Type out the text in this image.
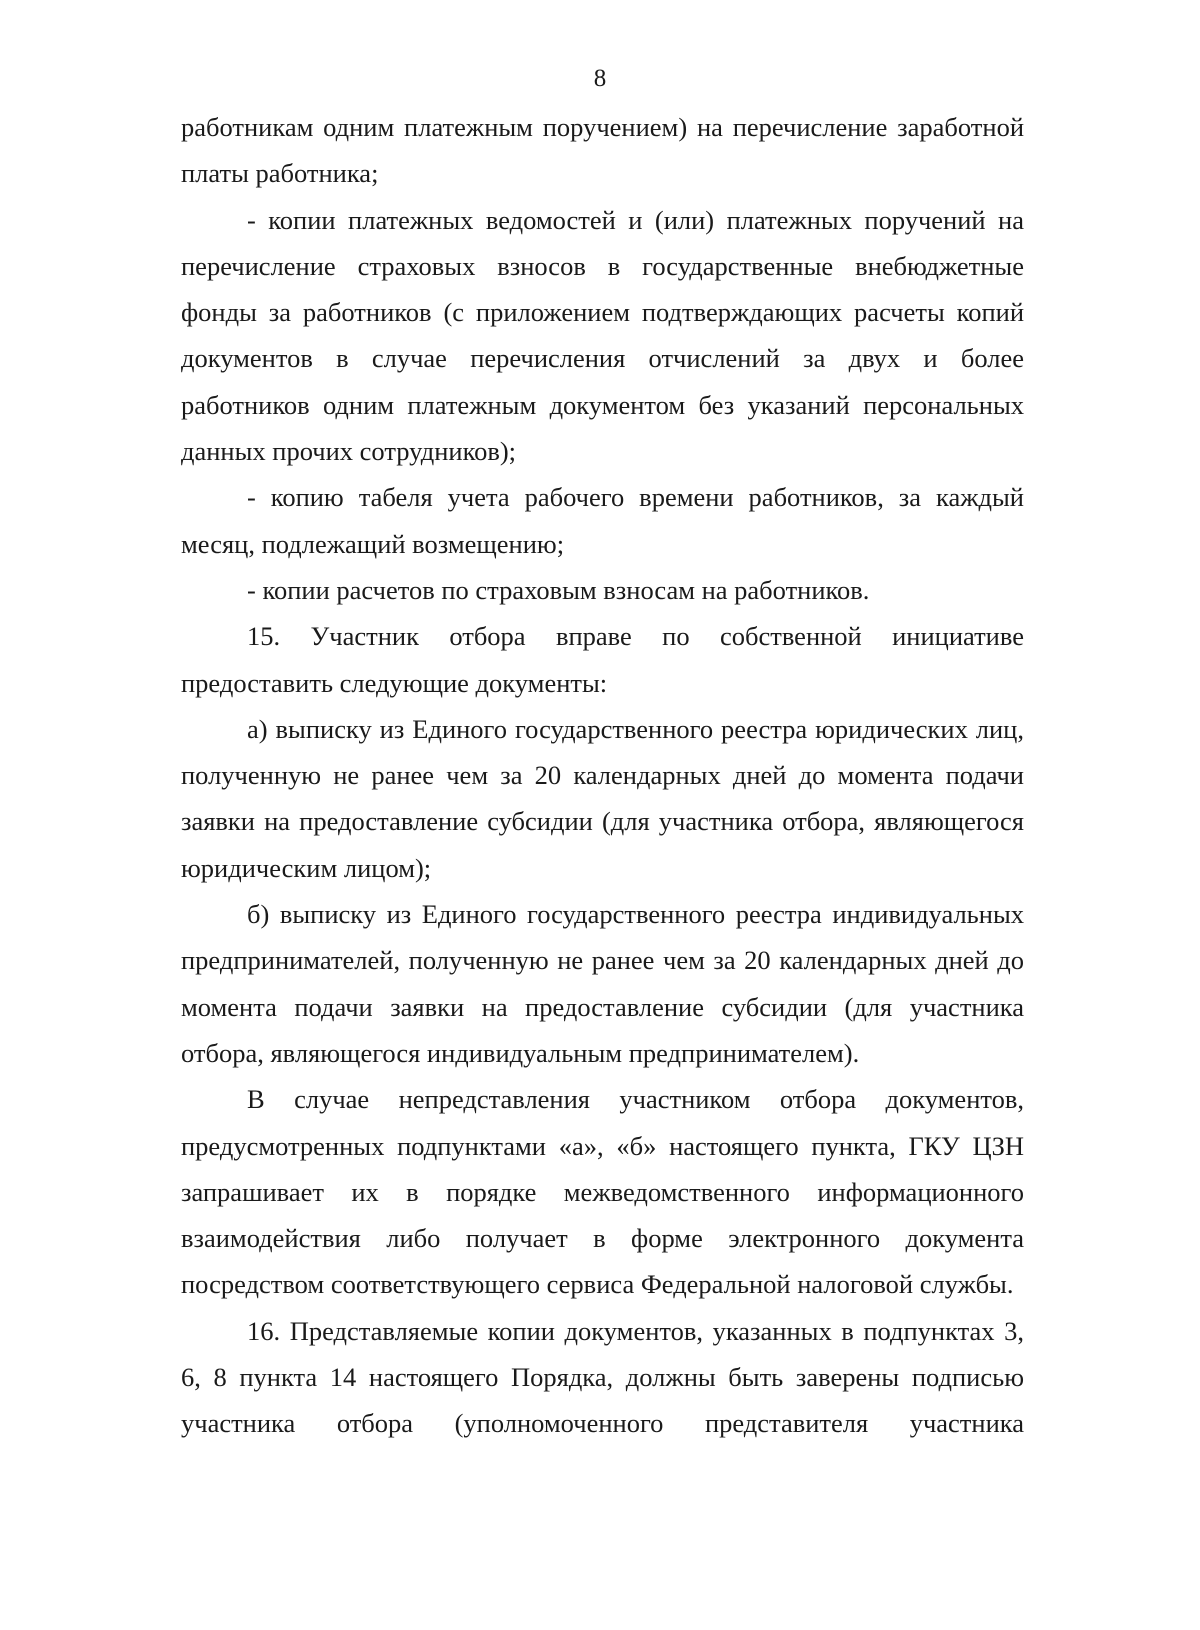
8

работникам одним платежным поручением) на перечисление заработной платы работника;

- копии платежных ведомостей и (или) платежных поручений на перечисление страховых взносов в государственные внебюджетные фонды за работников (с приложением подтверждающих расчеты копий документов в случае перечисления отчислений за двух и более работников одним платежным документом без указаний персональных данных прочих сотрудников);

- копию табеля учета рабочего времени работников, за каждый месяц, подлежащий возмещению;

- копии расчетов по страховым взносам на работников.

15. Участник отбора вправе по собственной инициативе предоставить следующие документы:

а) выписку из Единого государственного реестра юридических лиц, полученную не ранее чем за 20 календарных дней до момента подачи заявки на предоставление субсидии (для участника отбора, являющегося юридическим лицом);

б) выписку из Единого государственного реестра индивидуальных предпринимателей, полученную не ранее чем за 20 календарных дней до момента подачи заявки на предоставление субсидии (для участника отбора, являющегося индивидуальным предпринимателем).

В случае непредставления участником отбора документов, предусмотренных подпунктами «а», «б» настоящего пункта, ГКУ ЦЗН запрашивает их в порядке межведомственного информационного взаимодействия либо получает в форме электронного документа посредством соответствующего сервиса Федеральной налоговой службы.

16. Представляемые копии документов, указанных в подпунктах 3, 6, 8 пункта 14 настоящего Порядка, должны быть заверены подписью участника отбора (уполномоченного представителя участника
